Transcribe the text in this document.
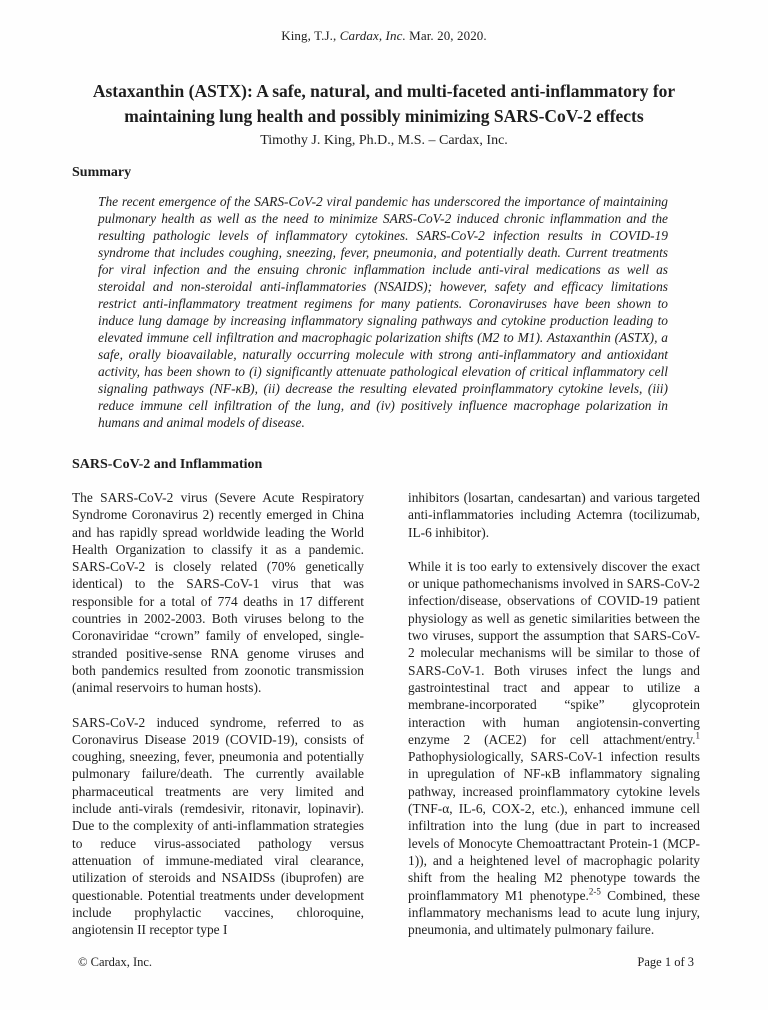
King, T.J., Cardax, Inc. Mar. 20, 2020.
Astaxanthin (ASTX): A safe, natural, and multi-faceted anti-inflammatory for maintaining lung health and possibly minimizing SARS-CoV-2 effects
Timothy J. King, Ph.D., M.S. – Cardax, Inc.
Summary
The recent emergence of the SARS-CoV-2 viral pandemic has underscored the importance of maintaining pulmonary health as well as the need to minimize SARS-CoV-2 induced chronic inflammation and the resulting pathologic levels of inflammatory cytokines. SARS-CoV-2 infection results in COVID-19 syndrome that includes coughing, sneezing, fever, pneumonia, and potentially death. Current treatments for viral infection and the ensuing chronic inflammation include anti-viral medications as well as steroidal and non-steroidal anti-inflammatories (NSAIDS); however, safety and efficacy limitations restrict anti-inflammatory treatment regimens for many patients. Coronaviruses have been shown to induce lung damage by increasing inflammatory signaling pathways and cytokine production leading to elevated immune cell infiltration and macrophagic polarization shifts (M2 to M1). Astaxanthin (ASTX), a safe, orally bioavailable, naturally occurring molecule with strong anti-inflammatory and antioxidant activity, has been shown to (i) significantly attenuate pathological elevation of critical inflammatory cell signaling pathways (NF-κB), (ii) decrease the resulting elevated proinflammatory cytokine levels, (iii) reduce immune cell infiltration of the lung, and (iv) positively influence macrophage polarization in humans and animal models of disease.
SARS-CoV-2 and Inflammation

The SARS-CoV-2 virus (Severe Acute Respiratory Syndrome Coronavirus 2) recently emerged in China and has rapidly spread worldwide leading the World Health Organization to classify it as a pandemic. SARS-CoV-2 is closely related (70% genetically identical) to the SARS-CoV-1 virus that was responsible for a total of 774 deaths in 17 different countries in 2002-2003. Both viruses belong to the Coronaviridae “crown” family of enveloped, single-stranded positive-sense RNA genome viruses and both pandemics resulted from zoonotic transmission (animal reservoirs to human hosts).

SARS-CoV-2 induced syndrome, referred to as Coronavirus Disease 2019 (COVID-19), consists of coughing, sneezing, fever, pneumonia and potentially pulmonary failure/death. The currently available pharmaceutical treatments are very limited and include anti-virals (remdesivir, ritonavir, lopinavir). Due to the complexity of anti-inflammation strategies to reduce virus-associated pathology versus attenuation of immune-mediated viral clearance, utilization of steroids and NSAIDSs (ibuprofen) are questionable. Potential treatments under development include prophylactic vaccines, chloroquine, angiotensin II receptor type I

inhibitors (losartan, candesartan) and various targeted anti-inflammatories including Actemra (tocilizumab, IL-6 inhibitor).

While it is too early to extensively discover the exact or unique pathomechanisms involved in SARS-CoV-2 infection/disease, observations of COVID-19 patient physiology as well as genetic similarities between the two viruses, support the assumption that SARS-CoV-2 molecular mechanisms will be similar to those of SARS-CoV-1. Both viruses infect the lungs and gastrointestinal tract and appear to utilize a membrane-incorporated “spike” glycoprotein interaction with human angiotensin-converting enzyme 2 (ACE2) for cell attachment/entry.$^1$ Pathophysiologically, SARS-CoV-1 infection results in upregulation of NF-κB inflammatory signaling pathway, increased proinflammatory cytokine levels (TNF-α, IL-6, COX-2, etc.), enhanced immune cell infiltration into the lung (due in part to increased levels of Monocyte Chemoattractant Protein-1 (MCP-1)), and a heightened level of macrophagic polarity shift from the healing M2 phenotype towards the proinflammatory M1 phenotype.$^{2-5}$ Combined, these inflammatory mechanisms lead to acute lung injury, pneumonia, and ultimately pulmonary failure.

© Cardax, Inc.	Page 1 of 3
